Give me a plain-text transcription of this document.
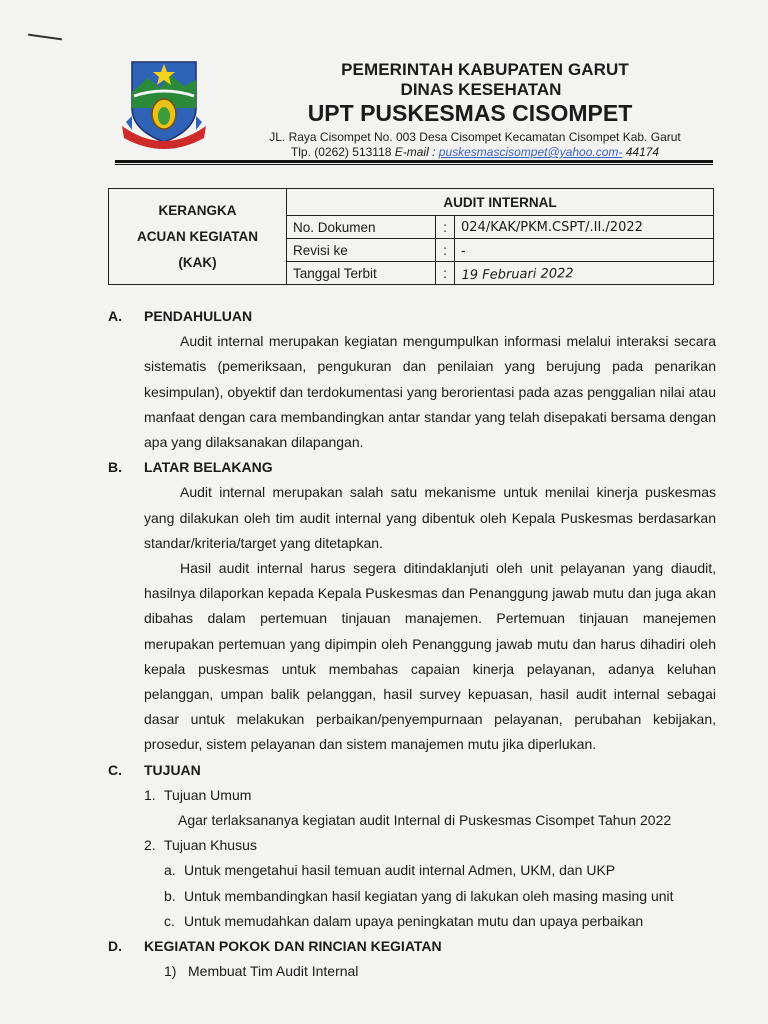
PEMERINTAH KABUPATEN GARUT
DINAS KESEHATAN
UPT PUSKESMAS CISOMPET
JL. Raya Cisompet No. 003 Desa Cisompet Kecamatan Cisompet Kab. Garut
Tlp. (0262) 513118 E-mail : puskesmascisompet@yahoo.com- 44174
KERANGKA
ACUAN KEGIATAN
(KAK)	AUDIT INTERNAL		
	No. Dokumen	:	024/KAK/PKM.CSPT/.II./2022
	Revisi ke	:	-
	Tanggal Terbit	:	19 Februari 2022
A.	PENDAHULUAN
Audit internal merupakan kegiatan mengumpulkan informasi melalui interaksi secara sistematis (pemeriksaan, pengukuran dan penilaian yang berujung pada penarikan kesimpulan), obyektif dan terdokumentasi yang berorientasi pada azas penggalian nilai atau manfaat dengan cara membandingkan antar standar yang telah disepakati bersama dengan apa yang dilaksanakan dilapangan.
B.	LATAR BELAKANG
Audit internal merupakan salah satu mekanisme untuk menilai kinerja puskesmas yang dilakukan oleh tim audit internal yang dibentuk oleh Kepala Puskesmas berdasarkan standar/kriteria/target yang ditetapkan.
Hasil audit internal harus segera ditindaklanjuti oleh unit pelayanan yang diaudit, hasilnya dilaporkan kepada Kepala Puskesmas dan Penanggung jawab mutu dan juga akan dibahas dalam pertemuan tinjauan manajemen. Pertemuan tinjauan manejemen merupakan pertemuan yang dipimpin oleh Penanggung jawab mutu dan harus dihadiri oleh kepala puskesmas untuk membahas capaian kinerja pelayanan, adanya keluhan pelanggan, umpan balik pelanggan, hasil survey kepuasan, hasil audit internal sebagai dasar untuk melakukan perbaikan/penyempurnaan pelayanan, perubahan kebijakan, prosedur, sistem pelayanan dan sistem manajemen mutu jika diperlukan.
C.	TUJUAN
1. Tujuan Umum
Agar terlaksananya kegiatan audit Internal di Puskesmas Cisompet Tahun 2022
2. Tujuan Khusus
a. Untuk mengetahui hasil temuan audit internal Admen, UKM, dan UKP
b. Untuk membandingkan hasil kegiatan yang di lakukan oleh masing masing unit
c. Untuk memudahkan dalam upaya peningkatan mutu dan upaya perbaikan
D.	KEGIATAN POKOK DAN RINCIAN KEGIATAN
1) Membuat Tim Audit Internal
